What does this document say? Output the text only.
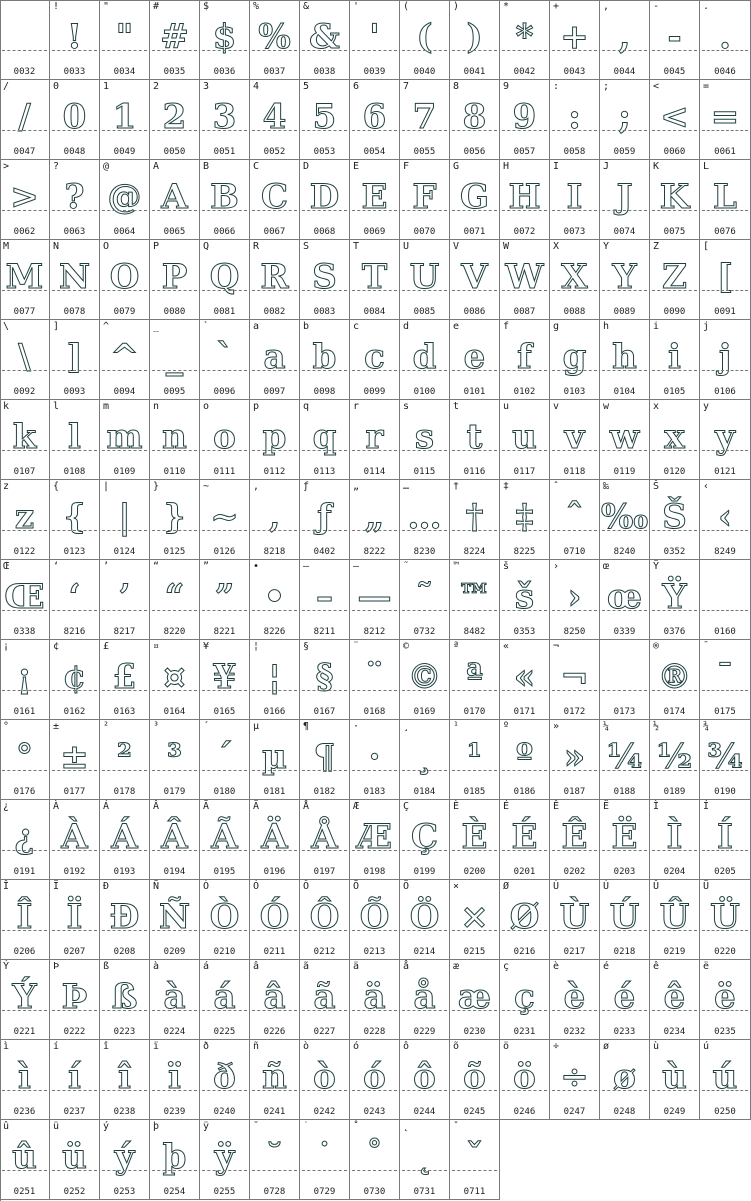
0032
!
!
0033
"
"
0034
#
#
0035
$
$
0036
%
%
0037
&
&
0038
'
'
0039
(
(
0040
)
)
0041
*
*
0042
+
+
0043
,
,
0044
-
-
0045
.
.
0046
/
/
0047
0
0
0048
1
1
0049
2
2
0050
3
3
0051
4
4
0052
5
5
0053
6
6
0054
7
7
0055
8
8
0056
9
9
0057
:
:
0058
;
;
0059
<
<
0060
=
=
0061
>
>
0062
?
?
0063
@
@
0064
A
A
0065
B
B
0066
C
C
0067
D
D
0068
E
E
0069
F
F
0070
G
G
0071
H
H
0072
I
I
0073
J
J
0074
K
K
0075
L
L
0076
M
M
0077
N
N
0078
O
O
0079
P
P
0080
Q
Q
0081
R
R
0082
S
S
0083
T
T
0084
U
U
0085
V
V
0086
W
W
0087
X
X
0088
Y
Y
0089
Z
Z
0090
[
[
0091
\
\
0092
]
]
0093
^
^
0094
_
_
0095
`
`
0096
a
a
0097
b
b
0098
c
c
0099
d
d
0100
e
e
0101
f
f
0102
g
g
0103
h
h
0104
i
i
0105
j
j
0106
k
k
0107
l
l
0108
m
m
0109
n
n
0110
o
o
0111
p
p
0112
q
q
0113
r
r
0114
s
s
0115
t
t
0116
u
u
0117
v
v
0118
w
w
0119
x
x
0120
y
y
0121
z
z
0122
{
{
0123
|
|
0124
}
}
0125
~
~
0126
‚
‚
8218
ƒ
ƒ
0402
„
„
8222
…
…
8230
†
†
8224
‡
‡
8225
ˆ
ˆ
0710
‰
‰
8240
Š
Š
0352
‹
‹
8249
Œ
Œ
0338
‘
‘
8216
’
’
8217
“
“
8220
”
”
8221
•
•
8226
–
–
8211
—
—
8212
˜
˜
0732
™
™
8482
š
š
0353
›
›
8250
œ
œ
0339
Ÿ
Ÿ
0376	0160
¡
¡
0161
¢
¢
0162
£
£
0163
¤
¤
0164
¥
¥
0165
¦
¦
0166
§
§
0167
¨
¨
0168
©
©
0169
ª
ª
0170
«
«
0171
¬
¬
0172	0173
®
®
0174
¯
¯
0175
°
°
0176
±
±
0177
²
²
0178
³
³
0179
´
´
0180
µ
µ
0181
¶
¶
0182
·
·
0183
¸
¸
0184
¹
¹
0185
º
º
0186
»
»
0187
¼
¼
0188
½
½
0189
¾
¾
0190
¿
¿
0191
À
À
0192
Á
Á
0193
Â
Â
0194
Ã
Ã
0195
Ä
Ä
0196
Å
Å
0197
Æ
Æ
0198
Ç
Ç
0199
È
È
0200
É
É
0201
Ê
Ê
0202
Ë
Ë
0203
Ì
Ì
0204
Í
Í
0205
Î
Î
0206
Ï
Ï
0207
Ð
Ð
0208
Ñ
Ñ
0209
Ò
Ò
0210
Ó
Ó
0211
Ô
Ô
0212
Õ
Õ
0213
Ö
Ö
0214
×
×
0215
Ø
Ø
0216
Ù
Ù
0217
Ú
Ú
0218
Û
Û
0219
Ü
Ü
0220
Ý
Ý
0221
Þ
Þ
0222
ß
ß
0223
à
à
0224
á
á
0225
â
â
0226
ã
ã
0227
ä
ä
0228
å
å
0229
æ
æ
0230
ç
ç
0231
è
è
0232
é
é
0233
ê
ê
0234
ë
ë
0235
ì
ì
0236
í
í
0237
î
î
0238
ï
ï
0239
ð
ð
0240
ñ
ñ
0241
ò
ò
0242
ó
ó
0243
ô
ô
0244
õ
õ
0245
ö
ö
0246
÷
÷
0247
ø
ø
0248
ù
ù
0249
ú
ú
0250
û
û
0251
ü
ü
0252
ý
ý
0253
þ
þ
0254
ÿ
ÿ
0255
˘
˘
0728
˙
˙
0729
˚
˚
0730
˛
˛
0731
ˇ
ˇ
0711
